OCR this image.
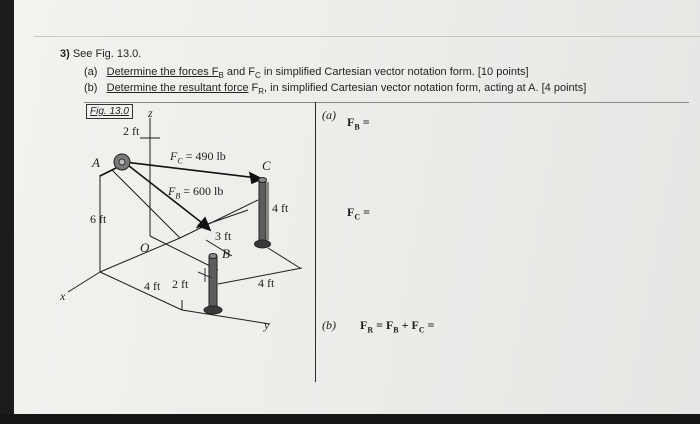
3) See Fig. 13.0.
(a) Determine the forces $F_B$ and $F_C$ in simplified Cartesian vector notation form. [10 points]
(b) Determine the resultant force $F_R$, in simplified Cartesian vector notation form, acting at A. [4 points]
Fig. 13.0	z
2 ft
A	$F_C = 490$ lb
C
$F_B = 600$ lb
4 ft
6 ft
3 ft
O	B
4 ft 2 ft	4 ft
x
y
(a) $F_B$ =
$F_C$ =
(b) $F_R = F_B + F_C$ =
